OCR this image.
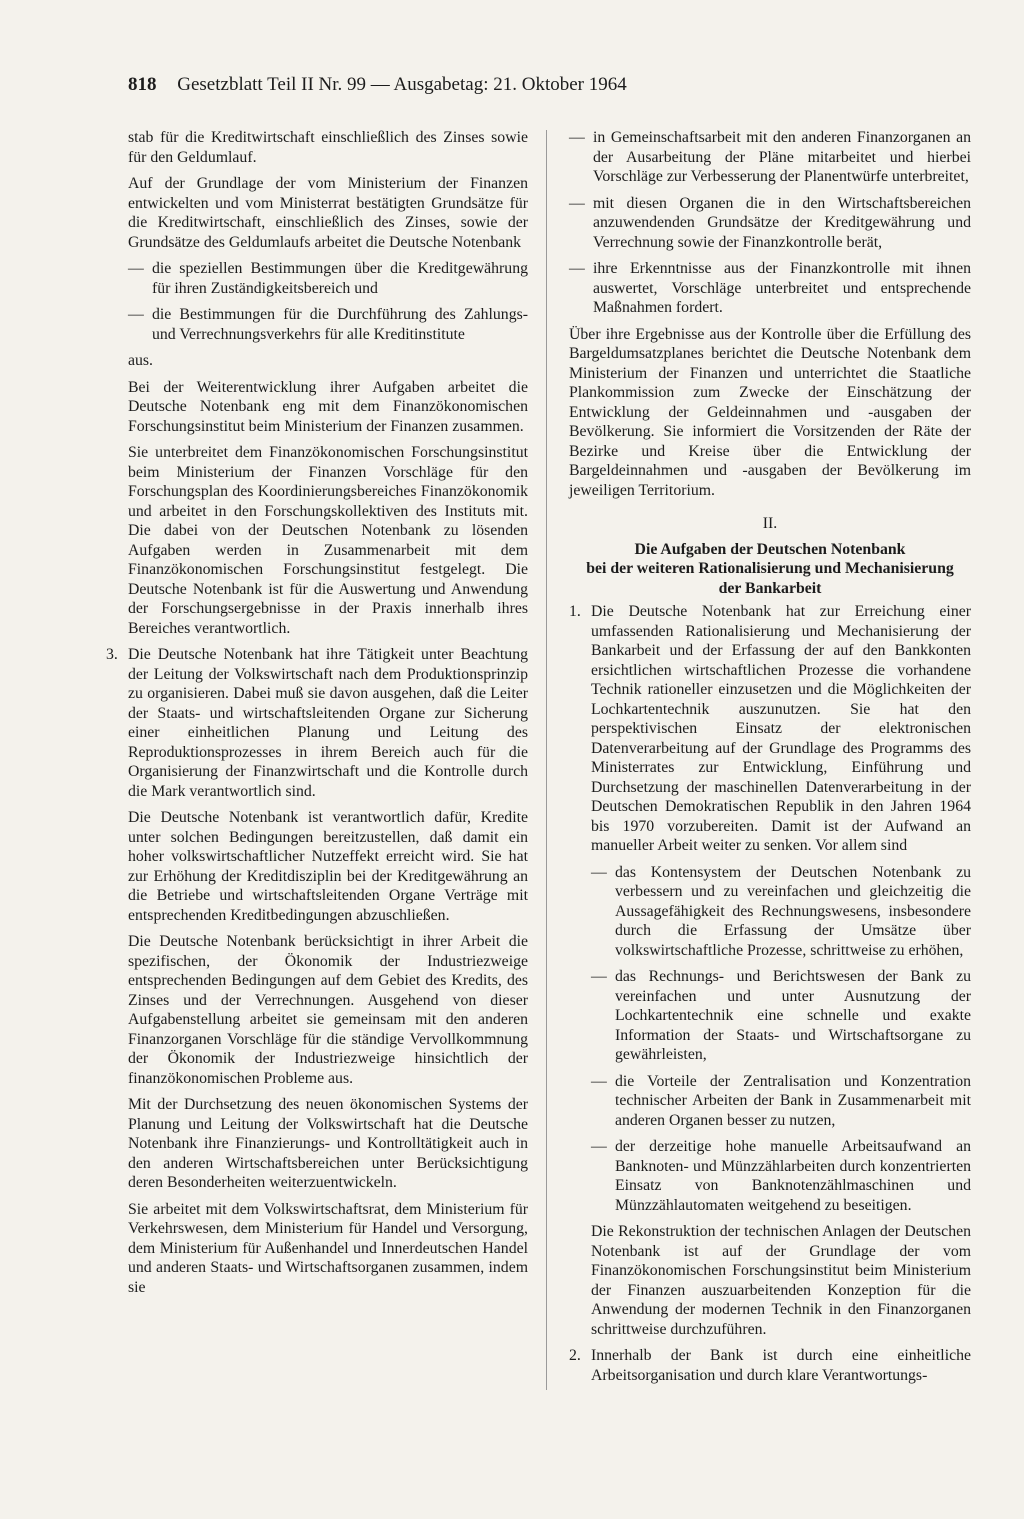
818 Gesetzblatt Teil II Nr. 99 — Ausgabetag: 21. Oktober 1964

stab für die Kreditwirtschaft einschließlich des Zinses sowie für den Geldumlauf.

Auf der Grundlage der vom Ministerium der Finanzen entwickelten und vom Ministerrat bestätigten Grundsätze für die Kreditwirtschaft, einschließlich des Zinses, sowie der Grundsätze des Geldumlaufs arbeitet die Deutsche Notenbank

— die speziellen Bestimmungen über die Kreditgewährung für ihren Zuständigkeitsbereich und

— die Bestimmungen für die Durchführung des Zahlungs- und Verrechnungsverkehrs für alle Kreditinstitute

aus.

Bei der Weiterentwicklung ihrer Aufgaben arbeitet die Deutsche Notenbank eng mit dem Finanzökonomischen Forschungsinstitut beim Ministerium der Finanzen zusammen.

Sie unterbreitet dem Finanzökonomischen Forschungsinstitut beim Ministerium der Finanzen Vorschläge für den Forschungsplan des Koordinierungsbereiches Finanzökonomik und arbeitet in den Forschungskollektiven des Instituts mit. Die dabei von der Deutschen Notenbank zu lösenden Aufgaben werden in Zusammenarbeit mit dem Finanzökonomischen Forschungsinstitut festgelegt. Die Deutsche Notenbank ist für die Auswertung und Anwendung der Forschungsergebnisse in der Praxis innerhalb ihres Bereiches verantwortlich.

3. Die Deutsche Notenbank hat ihre Tätigkeit unter Beachtung der Leitung der Volkswirtschaft nach dem Produktionsprinzip zu organisieren. Dabei muß sie davon ausgehen, daß die Leiter der Staats- und wirtschaftsleitenden Organe zur Sicherung einer einheitlichen Planung und Leitung des Reproduktionsprozesses in ihrem Bereich auch für die Organisierung der Finanzwirtschaft und die Kontrolle durch die Mark verantwortlich sind.

Die Deutsche Notenbank ist verantwortlich dafür, Kredite unter solchen Bedingungen bereitzustellen, daß damit ein hoher volkswirtschaftlicher Nutzeffekt erreicht wird. Sie hat zur Erhöhung der Kreditdisziplin bei der Kreditgewährung an die Betriebe und wirtschaftsleitenden Organe Verträge mit entsprechenden Kreditbedingungen abzuschließen.

Die Deutsche Notenbank berücksichtigt in ihrer Arbeit die spezifischen, der Ökonomik der Industriezweige entsprechenden Bedingungen auf dem Gebiet des Kredits, des Zinses und der Verrechnungen. Ausgehend von dieser Aufgabenstellung arbeitet sie gemeinsam mit den anderen Finanzorganen Vorschläge für die ständige Vervollkommnung der Ökonomik der Industriezweige hinsichtlich der finanzökonomischen Probleme aus.

Mit der Durchsetzung des neuen ökonomischen Systems der Planung und Leitung der Volkswirtschaft hat die Deutsche Notenbank ihre Finanzierungs- und Kontrolltätigkeit auch in den anderen Wirtschaftsbereichen unter Berücksichtigung deren Besonderheiten weiterzuentwickeln.

Sie arbeitet mit dem Volkswirtschaftsrat, dem Ministerium für Verkehrswesen, dem Ministerium für Handel und Versorgung, dem Ministerium für Außenhandel und Innerdeutschen Handel und anderen Staats- und Wirtschaftsorganen zusammen, indem sie

— in Gemeinschaftsarbeit mit den anderen Finanzorganen an der Ausarbeitung der Pläne mitarbeitet und hierbei Vorschläge zur Verbesserung der Planentwürfe unterbreitet,

— mit diesen Organen die in den Wirtschaftsbereichen anzuwendenden Grundsätze der Kreditgewährung und Verrechnung sowie der Finanzkontrolle berät,

— ihre Erkenntnisse aus der Finanzkontrolle mit ihnen auswertet, Vorschläge unterbreitet und entsprechende Maßnahmen fordert.

Über ihre Ergebnisse aus der Kontrolle über die Erfüllung des Bargeldumsatzplanes berichtet die Deutsche Notenbank dem Ministerium der Finanzen und unterrichtet die Staatliche Plankommission zum Zwecke der Einschätzung der Entwicklung der Geldeinnahmen und -ausgaben der Bevölkerung. Sie informiert die Vorsitzenden der Räte der Bezirke und Kreise über die Entwicklung der Bargeldeinnahmen und -ausgaben der Bevölkerung im jeweiligen Territorium.

II.
Die Aufgaben der Deutschen Notenbank
bei der weiteren Rationalisierung und Mechanisierung
der Bankarbeit

1. Die Deutsche Notenbank hat zur Erreichung einer umfassenden Rationalisierung und Mechanisierung der Bankarbeit und der Erfassung der auf den Bankkonten ersichtlichen wirtschaftlichen Prozesse die vorhandene Technik rationeller einzusetzen und die Möglichkeiten der Lochkartentechnik auszunutzen. Sie hat den perspektivischen Einsatz der elektronischen Datenverarbeitung auf der Grundlage des Programms des Ministerrates zur Entwicklung, Einführung und Durchsetzung der maschinellen Datenverarbeitung in der Deutschen Demokratischen Republik in den Jahren 1964 bis 1970 vorzubereiten. Damit ist der Aufwand an manueller Arbeit weiter zu senken. Vor allem sind

— das Kontensystem der Deutschen Notenbank zu verbessern und zu vereinfachen und gleichzeitig die Aussagefähigkeit des Rechnungswesens, insbesondere durch die Erfassung der Umsätze über volkswirtschaftliche Prozesse, schrittweise zu erhöhen,

— das Rechnungs- und Berichtswesen der Bank zu vereinfachen und unter Ausnutzung der Lochkartentechnik eine schnelle und exakte Information der Staats- und Wirtschaftsorgane zu gewährleisten,

— die Vorteile der Zentralisation und Konzentration technischer Arbeiten der Bank in Zusammenarbeit mit anderen Organen besser zu nutzen,

— der derzeitige hohe manuelle Arbeitsaufwand an Banknoten- und Münzzählarbeiten durch konzentrierten Einsatz von Banknotenzählmaschinen und Münzzählautomaten weitgehend zu beseitigen.

Die Rekonstruktion der technischen Anlagen der Deutschen Notenbank ist auf der Grundlage der vom Finanzökonomischen Forschungsinstitut beim Ministerium der Finanzen auszuarbeitenden Konzeption für die Anwendung der modernen Technik in den Finanzorganen schrittweise durchzuführen.

2. Innerhalb der Bank ist durch eine einheitliche Arbeitsorganisation und durch klare Verantwortungs-
